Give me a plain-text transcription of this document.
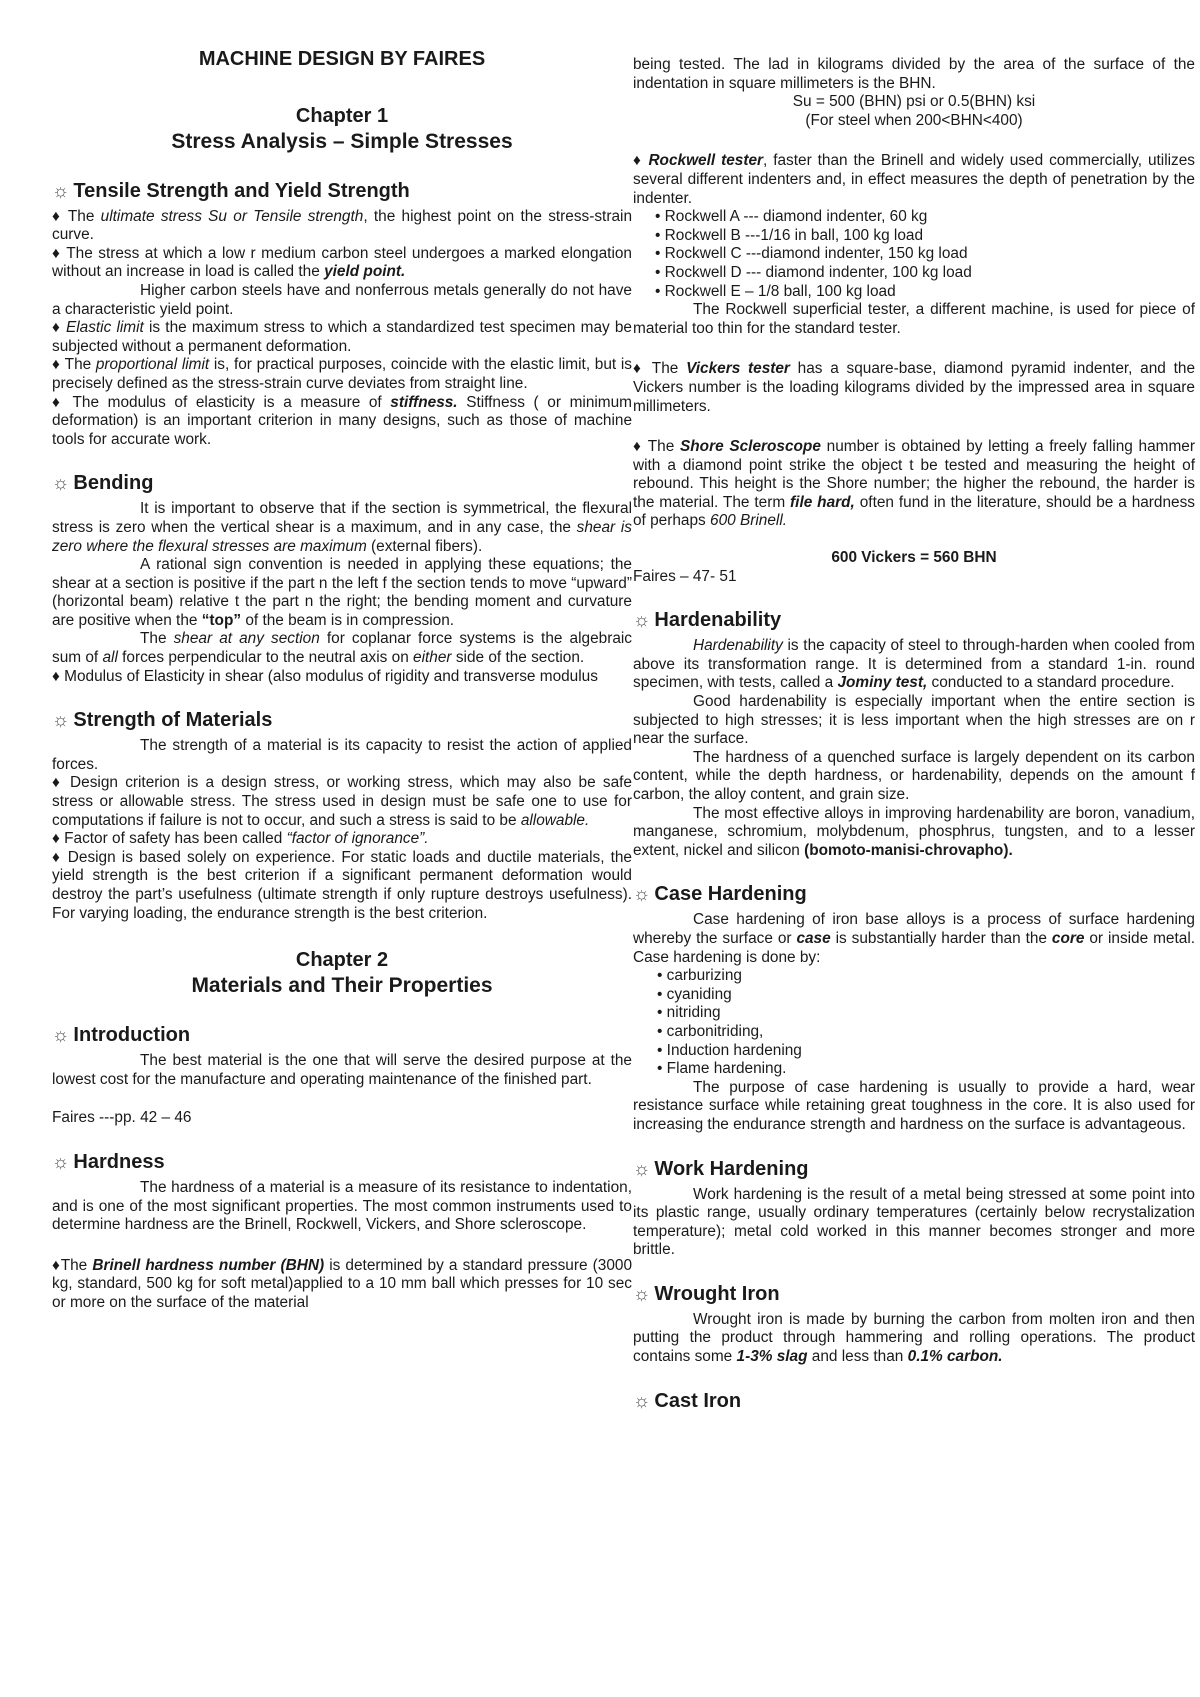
MACHINE DESIGN BY FAIRES
Chapter 1
Stress Analysis – Simple Stresses
☼ Tensile Strength and Yield Strength

♦ The ultimate stress Su or Tensile strength, the highest point on the stress-strain curve.

♦ The stress at which a low r medium carbon steel undergoes a marked elongation without an increase in load is called the yield point.

Higher carbon steels have and nonferrous metals generally do not have a characteristic yield point.

♦ Elastic limit is the maximum stress to which a standardized test specimen may be subjected without a permanent deformation.

♦ The proportional limit is, for practical purposes, coincide with the elastic limit, but is precisely defined as the stress-strain curve deviates from straight line.

♦ The modulus of elasticity is a measure of stiffness. Stiffness ( or minimum deformation) is an important criterion in many designs, such as those of machine tools for accurate work.

☼ Bending

It is important to observe that if the section is symmetrical, the flexural stress is zero when the vertical shear is a maximum, and in any case, the shear is zero where the flexural stresses are maximum (external fibers).

A rational sign convention is needed in applying these equations; the shear at a section is positive if the part n the left f the section tends to move “upward” (horizontal beam) relative t the part n the right; the bending moment and curvature are positive when the “top” of the beam is in compression.

The shear at any section for coplanar force systems is the algebraic sum of all forces perpendicular to the neutral axis on either side of the section.

♦ Modulus of Elasticity in shear (also modulus of rigidity and transverse modulus

☼ Strength of Materials

The strength of a material is its capacity to resist the action of applied forces.

♦ Design criterion is a design stress, or working stress, which may also be safe stress or allowable stress. The stress used in design must be safe one to use for computations if failure is not to occur, and such a stress is said to be allowable.

♦ Factor of safety has been called “factor of ignorance”.

♦ Design is based solely on experience. For static loads and ductile materials, the yield strength is the best criterion if a significant permanent deformation would destroy the part’s usefulness (ultimate strength if only rupture destroys usefulness). For varying loading, the endurance strength is the best criterion.

Chapter 2
Materials and Their Properties
☼ Introduction

The best material is the one that will serve the desired purpose at the lowest cost for the manufacture and operating maintenance of the finished part.

Faires ---pp. 42 – 46

☼ Hardness

The hardness of a material is a measure of its resistance to indentation, and is one of the most significant properties. The most common instruments used to determine hardness are the Brinell, Rockwell, Vickers, and Shore scleroscope.

♦The Brinell hardness number (BHN) is determined by a standard pressure (3000 kg, standard, 500 kg for soft metal)applied to a 10 mm ball which presses for 10 sec or more on the surface of the material

being tested. The lad in kilograms divided by the area of the surface of the indentation in square millimeters is the BHN.

Su = 500 (BHN) psi or 0.5(BHN) ksi

(For steel when 200<BHN<400)

♦ Rockwell tester, faster than the Brinell and widely used commercially, utilizes several different indenters and, in effect measures the depth of penetration by the indenter.

• Rockwell A --- diamond indenter, 60 kg
• Rockwell B ---1/16 in ball, 100 kg load
• Rockwell C ---diamond indenter, 150 kg load
• Rockwell D --- diamond indenter, 100 kg load
• Rockwell E – 1/8 ball, 100 kg load

The Rockwell superficial tester, a different machine, is used for piece of material too thin for the standard tester.

♦ The Vickers tester has a square-base, diamond pyramid indenter, and the Vickers number is the loading kilograms divided by the impressed area in square millimeters.

♦ The Shore Scleroscope number is obtained by letting a freely falling hammer with a diamond point strike the object t be tested and measuring the height of rebound. This height is the Shore number; the higher the rebound, the harder is the material. The term file hard, often fund in the literature, should be a hardness of perhaps 600 Brinell.

600 Vickers = 560 BHN

Faires – 47- 51

☼ Hardenability

Hardenability is the capacity of steel to through-harden when cooled from above its transformation range. It is determined from a standard 1-in. round specimen, with tests, called a Jominy test, conducted to a standard procedure.

Good hardenability is especially important when the entire section is subjected to high stresses; it is less important when the high stresses are on r near the surface.

The hardness of a quenched surface is largely dependent on its carbon content, while the depth hardness, or hardenability, depends on the amount f carbon, the alloy content, and grain size.

The most effective alloys in improving hardenability are boron, vanadium, manganese, schromium, molybdenum, phosphrus, tungsten, and to a lesser extent, nickel and silicon (bomoto-manisi-chrovapho).

☼ Case Hardening

Case hardening of iron base alloys is a process of surface hardening whereby the surface or case is substantially harder than the core or inside metal. Case hardening is done by:

• carburizing
• cyaniding
• nitriding
• carbonitriding,
• Induction hardening
• Flame hardening.

The purpose of case hardening is usually to provide a hard, wear resistance surface while retaining great toughness in the core. It is also used for increasing the endurance strength and hardness on the surface is advantageous.

☼ Work Hardening

Work hardening is the result of a metal being stressed at some point into its plastic range, usually ordinary temperatures (certainly below recrystalization temperature); metal cold worked in this manner becomes stronger and more brittle.

☼ Wrought Iron

Wrought iron is made by burning the carbon from molten iron and then putting the product through hammering and rolling operations. The product contains some 1-3% slag and less than 0.1% carbon.

☼ Cast Iron
